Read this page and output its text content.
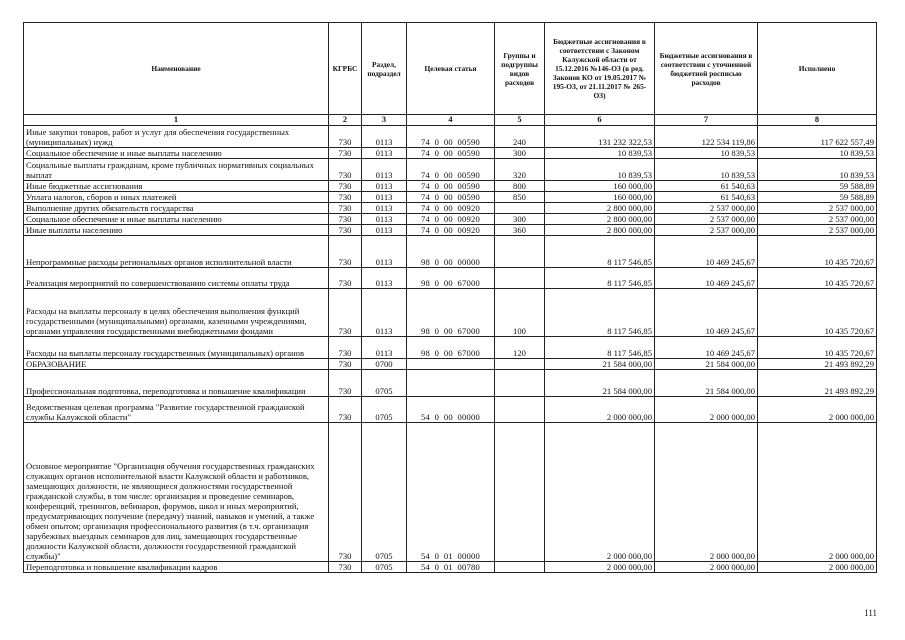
Наименование	КГРБС	Раздел, подраздел	Целевая статья	Группы и подгруппы видов расходов	Бюджетные ассигнования в соответствии с Законом Калужской области от 15.12.2016 №146-ОЗ (в ред. Законов КО от 19.05.2017 № 195-ОЗ, от 21.11.2017 № 265-ОЗ)	Бюджетные ассигнования в соответствии с уточненной бюджетной росписью расходов	Исполнено
1	2	3	4	5	6	7	8
Иные закупки товаров, работ и услуг для обеспечения государственных (муниципальных) нужд	730	0113	74  0  00  00590	240	131 232 322,53	122 534 119,86	117 622 557,49
Социальное обеспечение и иные выплаты населению	730	0113	74  0  00  00590	300	10 839,53	10 839,53	10 839,53
Социальные выплаты гражданам, кроме публичных нормативных социальных выплат	730	0113	74  0  00  00590	320	10 839,53	10 839,53	10 839,53
Иные бюджетные ассигнования	730	0113	74  0  00  00590	800	160 000,00	61 540,63	59 588,89
Уплата налогов, сборов и иных платежей	730	0113	74  0  00  00590	850	160 000,00	61 540,63	59 588,89
Выполнение других обязательств государства	730	0113	74  0  00  00920		2 800 000,00	2 537 000,00	2 537 000,00
Социальное обеспечение и иные выплаты населению	730	0113	74  0  00  00920	300	2 800 000,00	2 537 000,00	2 537 000,00
Иные выплаты населению	730	0113	74  0  00  00920	360	2 800 000,00	2 537 000,00	2 537 000,00
Непрограммные расходы региональных органов исполнительной власти	730	0113	98  0  00  00000		8 117 546,85	10 469 245,67	10 435 720,67
Реализация мероприятий по совершенствованию системы оплаты труда	730	0113	98  0  00  67000		8 117 546,85	10 469 245,67	10 435 720,67
Расходы на выплаты персоналу в целях обеспечения выполнения функций государственными (муниципальными) органами, казенными учреждениями, органами управления государственными внебюджетными фондами	730	0113	98  0  00  67000	100	8 117 546,85	10 469 245,67	10 435 720,67
Расходы на выплаты персоналу государственных (муниципальных) органов	730	0113	98  0  00  67000	120	8 117 546,85	10 469 245,67	10 435 720,67
ОБРАЗОВАНИЕ	730	0700			21 584 000,00	21 584 000,00	21 493 892,29
Профессиональная подготовка, переподготовка и повышение квалификации	730	0705			21 584 000,00	21 584 000,00	21 493 892,29
Ведомственная целевая программа "Развитие государственной гражданской службы Калужской области"	730	0705	54  0  00  00000		2 000 000,00	2 000 000,00	2 000 000,00
Основное мероприятие "Организация обучения государственных гражданских служащих органов исполнительной власти Калужской области и работников, замещающих должности, не являющиеся должностями государственной гражданской службы, в том числе: организация и проведение семинаров, конференций, тренингов, вебинаров, форумов, школ и иных мероприятий, предусматривающих получение (передачу) знаний, навыков и умений, а также обмен опытом; организация профессионального развития (в т.ч. организация зарубежных выездных семинаров для лиц, замещающих государственные должности Калужской области, должности государственной гражданской службы)"	730	0705	54  0  01  00000		2 000 000,00	2 000 000,00	2 000 000,00
Переподготовка и повышение квалификации кадров	730	0705	54  0  01  00780		2 000 000,00	2 000 000,00	2 000 000,00
111
